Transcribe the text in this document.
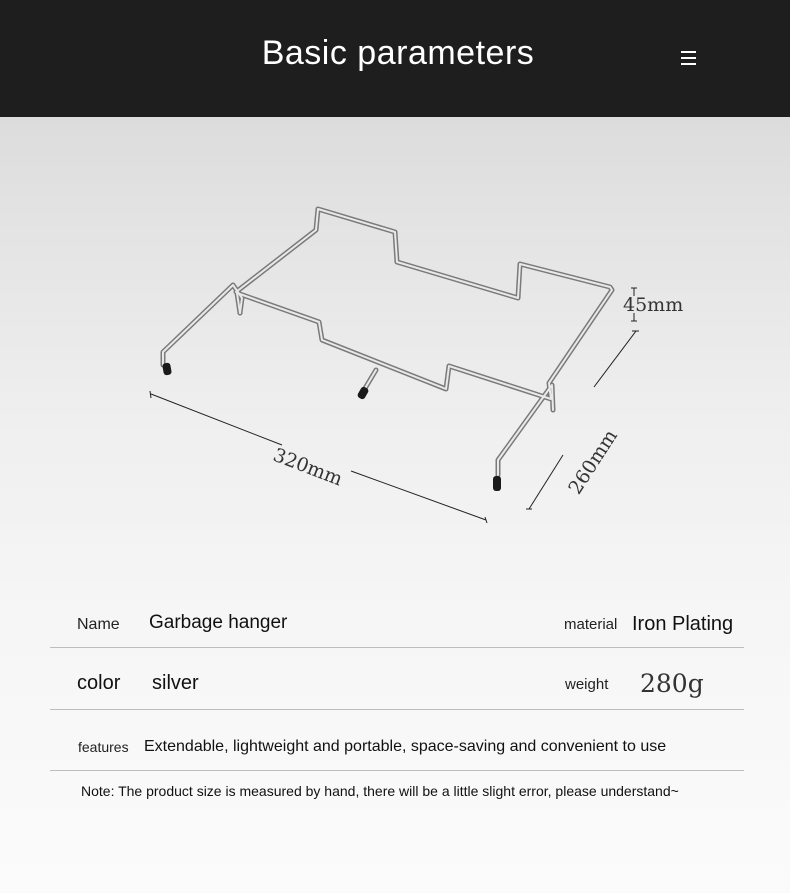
Basic parameters
320mm	260mm
45mm
Name Garbage hanger	material Iron Plating
color silver	weight 280g
features Extendable, lightweight and portable, space-saving and convenient to use
Note: The product size is measured by hand, there will be a little slight error, please understand~
